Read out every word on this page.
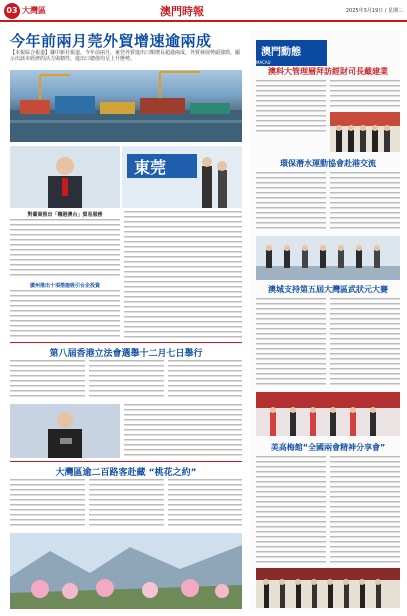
03 大灣區	澳門時報	2025年3月19日 / 星期三
今年前兩月莞外貿增速逾兩成
【本報綜合報道】據中新社報道，今年前兩月，東莞外貿進出口額增長超過兩成，外貿發展勢頭強勁，顯示出該市經濟的活力與韌性，進出口總值均呈上升態勢。
東莞
對臺商推出「穗港澳台」貿易服務
廣州推出十項措施吸引台企投資
第八屆香港立法會選舉十二月七日舉行
大灣區逾二百路客赴藏 “桃花之約”
澳門動態
MACAU
澳科大管理層拜訪經財司長戴建業
環保潛水運動協會赴港交流
澳城支持第五屆大灣區武狀元大賽
美高梅館“全國兩會精神分享會”
